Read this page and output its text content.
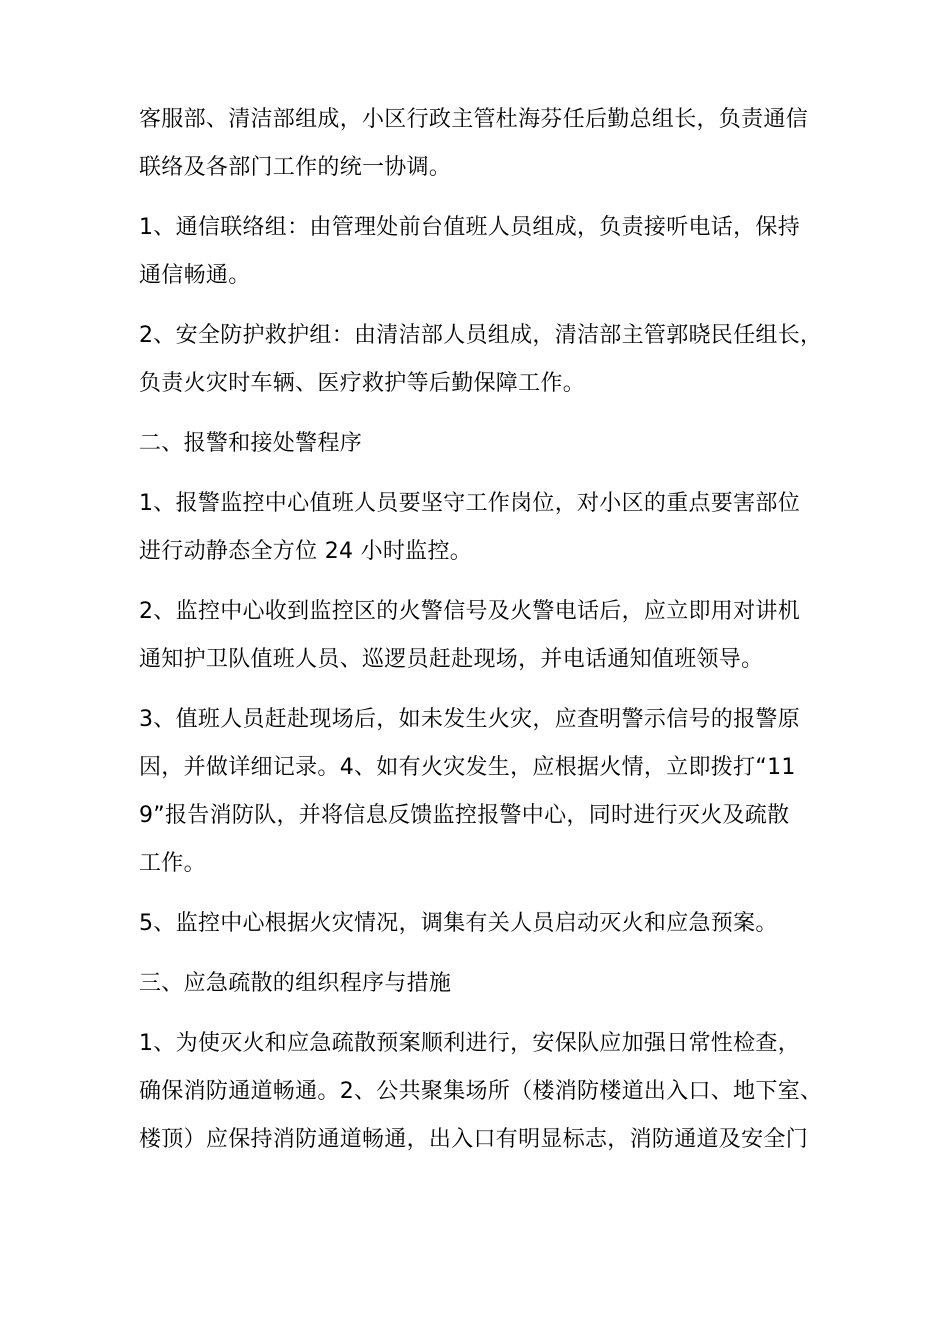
客服部、清洁部组成，小区行政主管杜海芬任后勤总组长，负责通信
联络及各部门工作的统一协调。
1、通信联络组：由管理处前台值班人员组成，负责接听电话，保持
通信畅通。
2、安全防护救护组：由清洁部人员组成，清洁部主管郭晓民任组长，
负责火灾时车辆、医疗救护等后勤保障工作。
二、报警和接处警程序
1、报警监控中心值班人员要坚守工作岗位，对小区的重点要害部位
进行动静态全方位 24 小时监控。
2、监控中心收到监控区的火警信号及火警电话后，应立即用对讲机
通知护卫队值班人员、巡逻员赶赴现场，并电话通知值班领导。
3、值班人员赶赴现场后，如未发生火灾，应查明警示信号的报警原
因，并做详细记录。4、如有火灾发生，应根据火情，立即拨打“11
9”报告消防队，并将信息反馈监控报警中心，同时进行灭火及疏散
工作。
5、监控中心根据火灾情况，调集有关人员启动灭火和应急预案。
三、应急疏散的组织程序与措施
1、为使灭火和应急疏散预案顺利进行，安保队应加强日常性检查，
确保消防通道畅通。2、公共聚集场所（楼消防楼道出入口、地下室、
楼顶）应保持消防通道畅通，出入口有明显标志，消防通道及安全门
